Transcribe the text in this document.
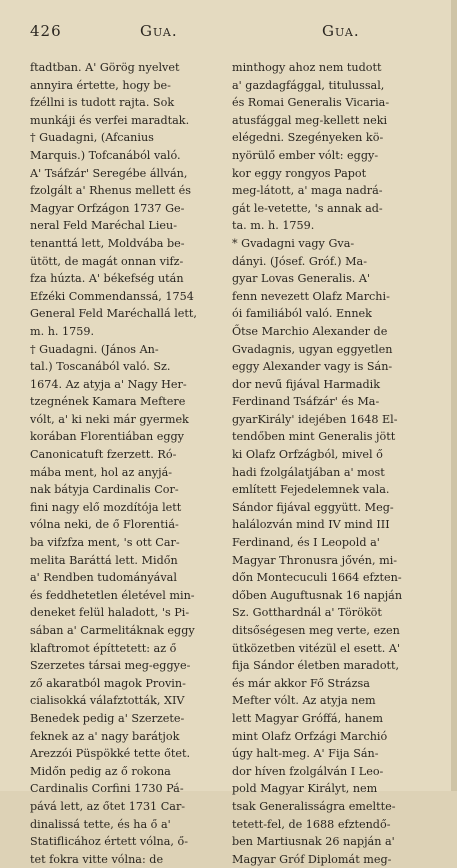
426	Gua.	Gua.
ftadtban. A' Görög nyelvet
annyira értette, hogy be-
fzéllni is tudott rajta. Sok
munkáji és verfei maradtak.
† Guadagni, (Afcanius
Marquis.) Tofcanából való.
A' Tsáfzár' Seregébe állván,
fzolgált a' Rhenus mellett és
Magyar Orfzágon 1737 Ge-
neral Feld Maréchal Lieu-
tenanttá lett, Moldvába be-
ütött, de magát onnan vifz-
fza húzta. A' békefség után
Efzéki Commendanssá, 1754
General Feld Maréchallá lett,
m. h. 1759.
† Guadagni. (János An-
tal.) Toscanából való. Sz.
1674. Az atyja a' Nagy Her-
tzegnének Kamara Meftere
vólt, a' ki neki már gyermek
korában Florentiában eggy
Canonicatuft fzerzett. Ró-
mába ment, hol az anyjá-
nak bátyja Cardinalis Cor-
fini nagy elő mozdítója lett
vólna neki, de ő Florentiá-
ba vifzfza ment, 's ott Car-
melita Baráttá lett. Midőn
a' Rendben tudományával
és feddhetetlen életével min-
deneket felül haladott, 's Pi-
sában a' Carmelitáknak eggy
klaftromot építtetett: az ő
Szerzetes társai meg-eggye-
ző akaratból magok Provin-
cialisokká válafztották, XIV
Benedek pedig a' Szerzete-
feknek az a' nagy barátjok
Arezzói Püspökké tette őtet.
Midőn pedig az ő rokona
Cardinalis Corfini 1730 Pá-
pává lett, az őtet 1731 Car-
dinalissá tette, és ha ő a'
Statiflicához értett vólna, ő-
tet fokra vitte vólna: de
minthogy ahoz nem tudott
a' gazdagfággal, titulussal,
és Romai Generalis Vicaria-
atusfággal meg-kellett neki
elégedni. Szegényeken kö-
nyörülő ember vólt: eggy-
kor eggy rongyos Papot
meg-látott, a' maga nadrá-
gát le-vetette, 's annak ad-
ta. m. h. 1759.
* Gvadagni vagy Gva-
dányi. (Jósef. Gróf.) Ma-
gyar Lovas Generalis. A'
fenn nevezett Olafz Marchi-
ói familiából való. Ennek
Őtse Marchio Alexander de
Gvadagnis, ugyan eggyetlen
eggy Alexander vagy is Sán-
dor nevű fijával Harmadik
Ferdinand Tsáfzár' és Ma-
gyarKirály' idejében 1648 El-
tendőben mint Generalis jött
ki Olafz Orfzágból, mivel ő
hadi fzolgálatjában a' most
említett Fejedelemnek vala.
Sándor fijával eggyütt. Meg-
halálozván mind IV mind III
Ferdinand, és I Leopold a'
Magyar Thronusra jővén, mi-
dőn Montecuculi 1664 efzten-
dőben Auguftusnak 16 napján
Sz. Gotthardnál a' Törököt
ditsőségesen meg verte, ezen
ütközetben vitézül el esett. A'
fija Sándor életben maradott,
és már akkor Fő Strázsa
Mefter vólt. Az atyja nem
lett Magyar Gróffá, hanem
mint Olafz Orfzági Marchió
úgy halt-meg. A' Fija Sán-
dor híven fzolgálván I Leo-
pold Magyar Királyt, nem
tsak Generalisságra emeltte-
tetett-fel, de 1688 efztendő-
ben Martiusnak 26 napján a'
Magyar Gróf Diplomát meg-
